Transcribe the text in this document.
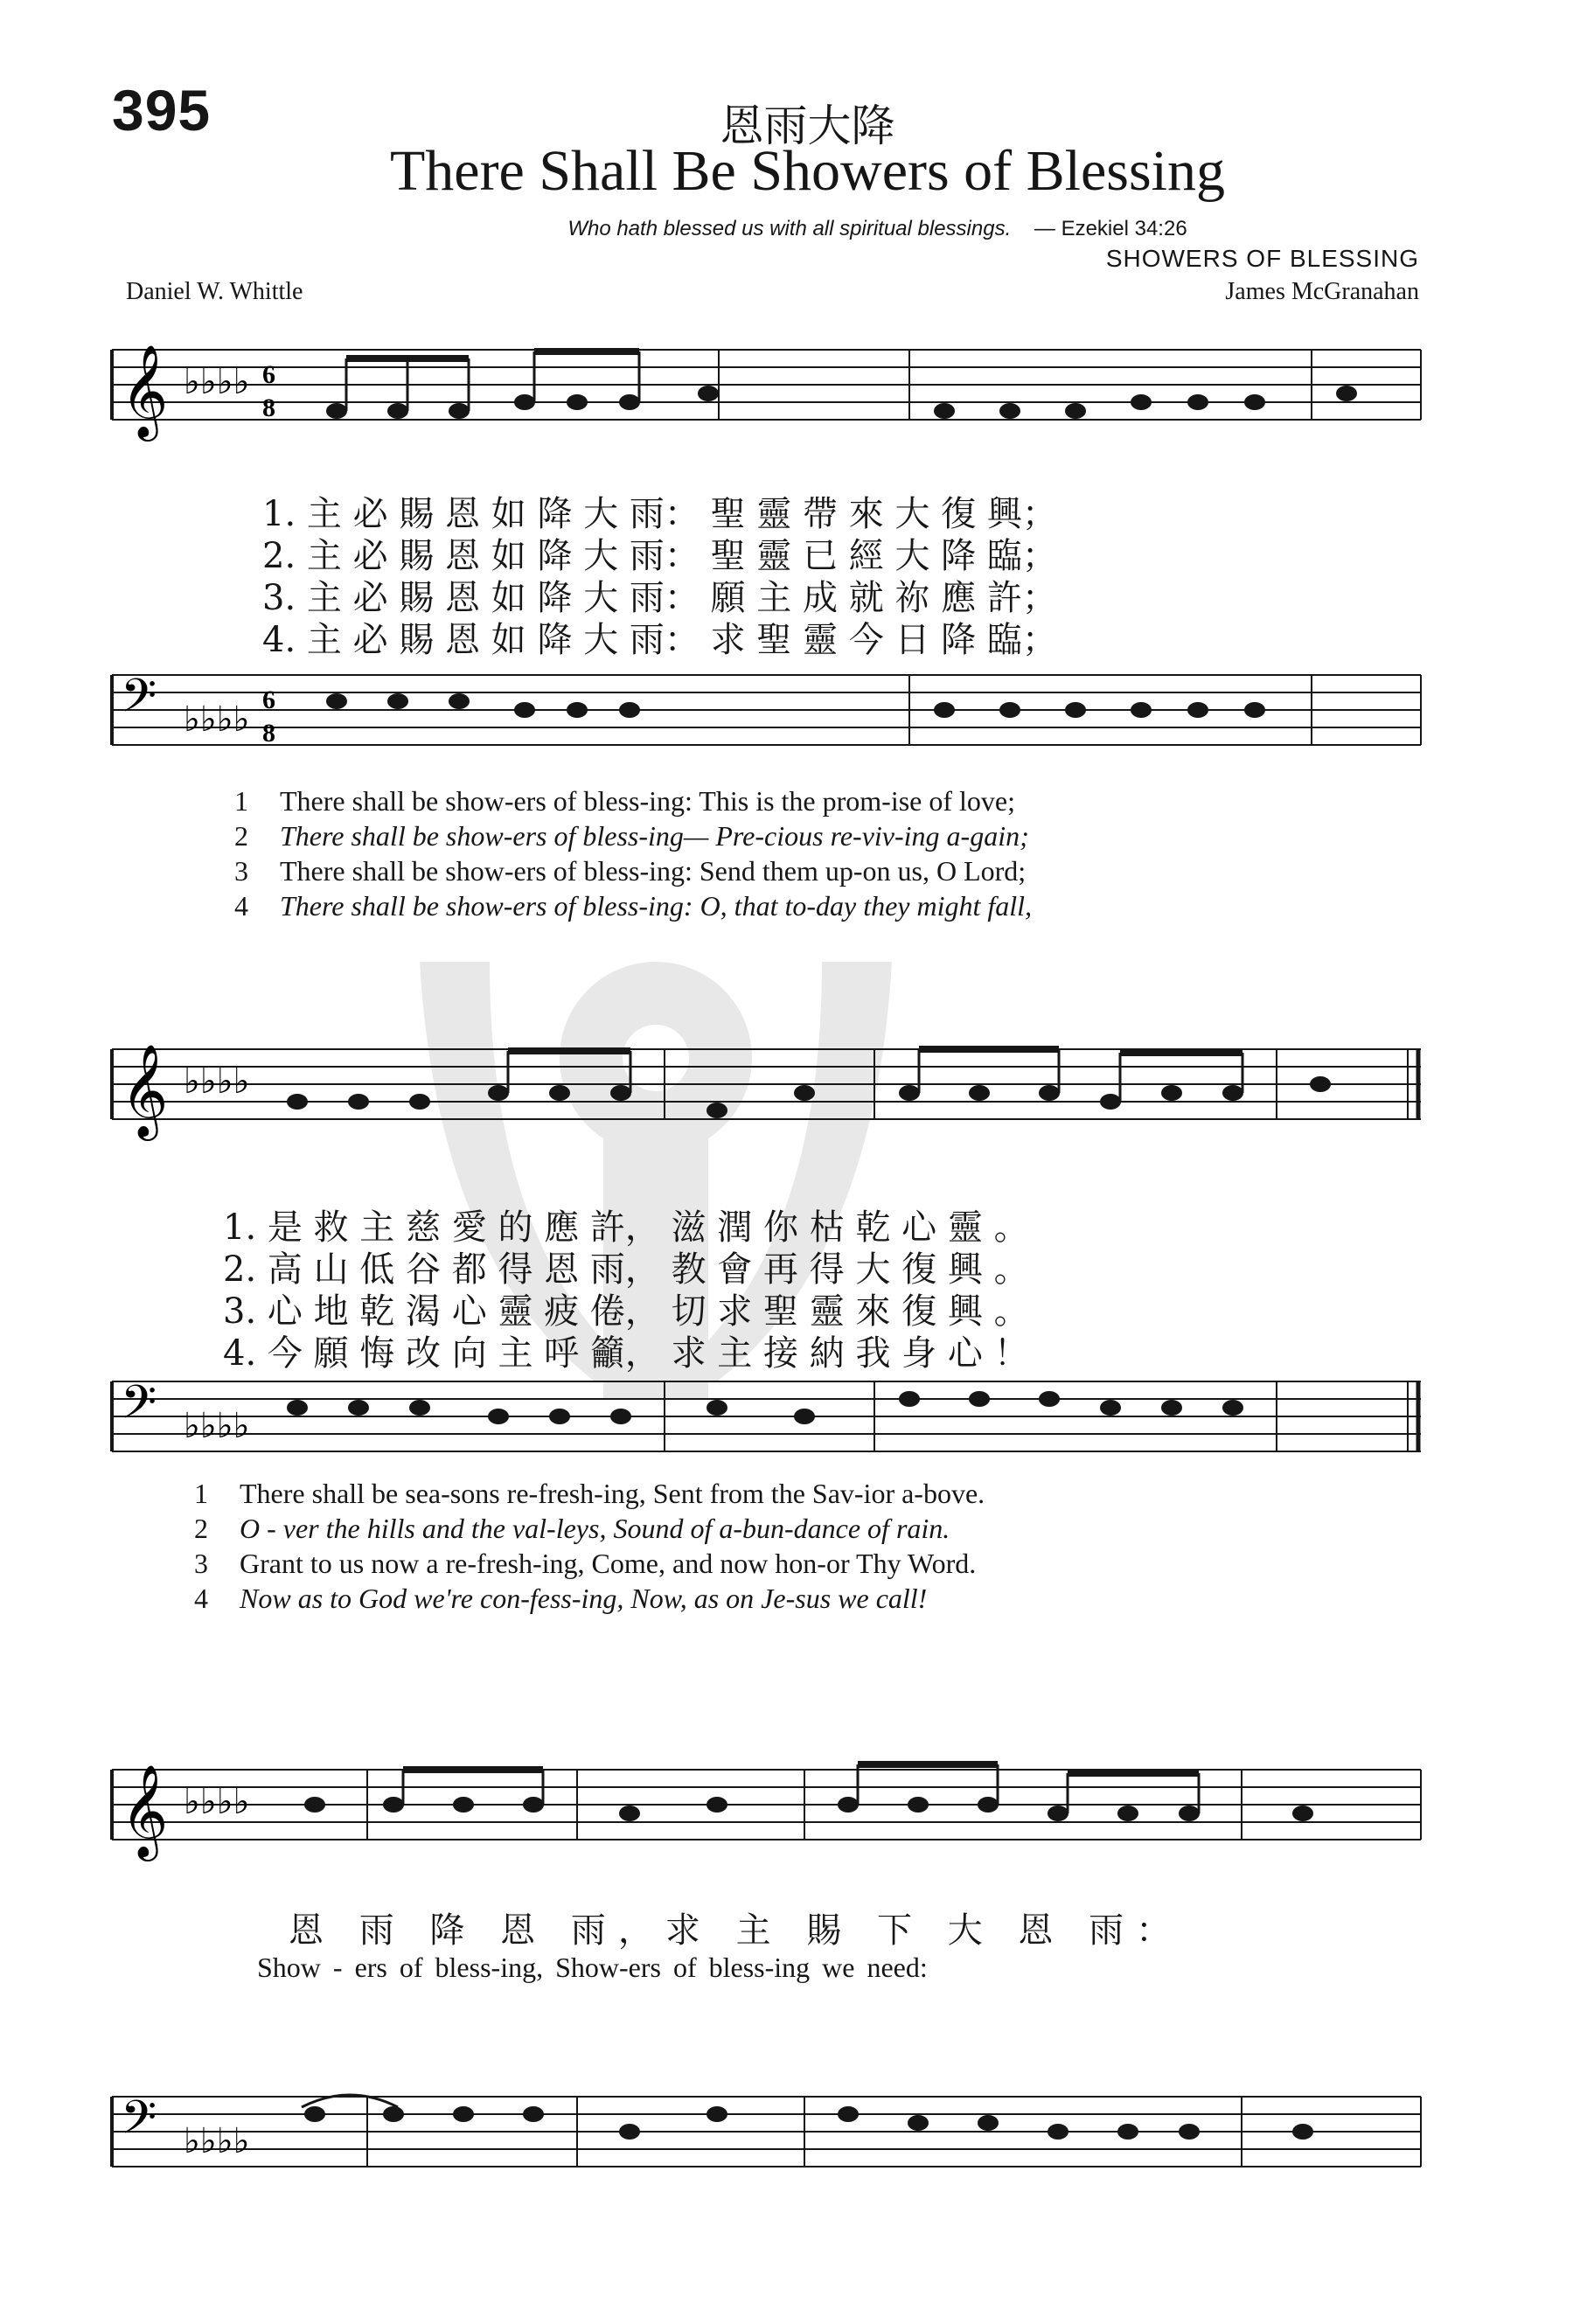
395	恩雨大降
There Shall Be Showers of Blessing
Who hath blessed us with all spiritual blessings. — Ezekiel 34:26
SHOWERS OF BLESSING
Daniel W. Whittle	James McGranahan
𝄞 ♭♭♭♭ 6
8
1. 主 必 賜 恩 如 降 大 雨： 聖 靈 帶 來 大 復 興；
2. 主 必 賜 恩 如 降 大 雨： 聖 靈 已 經 大 降 臨；
3. 主 必 賜 恩 如 降 大 雨： 願 主 成 就 祢 應 許；
4. 主 必 賜 恩 如 降 大 雨： 求 聖 靈 今 日 降 臨；
𝄢 ♭♭♭♭ 6
8
1 There shall be show-ers of bless-ing: This is the prom-ise of love;
2 There shall be show-ers of bless-ing— Pre-cious re-viv-ing a-gain;
3 There shall be show-ers of bless-ing: Send them up-on us, O Lord;
4 There shall be show-ers of bless-ing: O, that to-day they might fall,
𝄞 ♭♭♭♭
1. 是 救 主 慈 愛 的 應 許， 滋 潤 你 枯 乾 心 靈 。
2. 高 山 低 谷 都 得 恩 雨， 教 會 再 得 大 復 興 。
3. 心 地 乾 渴 心 靈 疲 倦， 切 求 聖 靈 來 復 興 。
4. 今 願 悔 改 向 主 呼 籲， 求 主 接 納 我 身 心 ！
𝄢 ♭♭♭♭
1 There shall be sea-sons re-fresh-ing, Sent from the Sav-ior a-bove.
2 O - ver the hills and the val-leys, Sound of a-bun-dance of rain.
3 Grant to us now a re-fresh-ing, Come, and now hon-or Thy Word.
4 Now as to God we're con-fess-ing, Now, as on Je-sus we call!
𝄞 ♭♭♭♭
恩 雨 降 恩 雨，求 主 賜 下 大 恩 雨：
Show - ers of bless-ing, Show-ers of bless-ing we need:
𝄢 ♭♭♭♭
